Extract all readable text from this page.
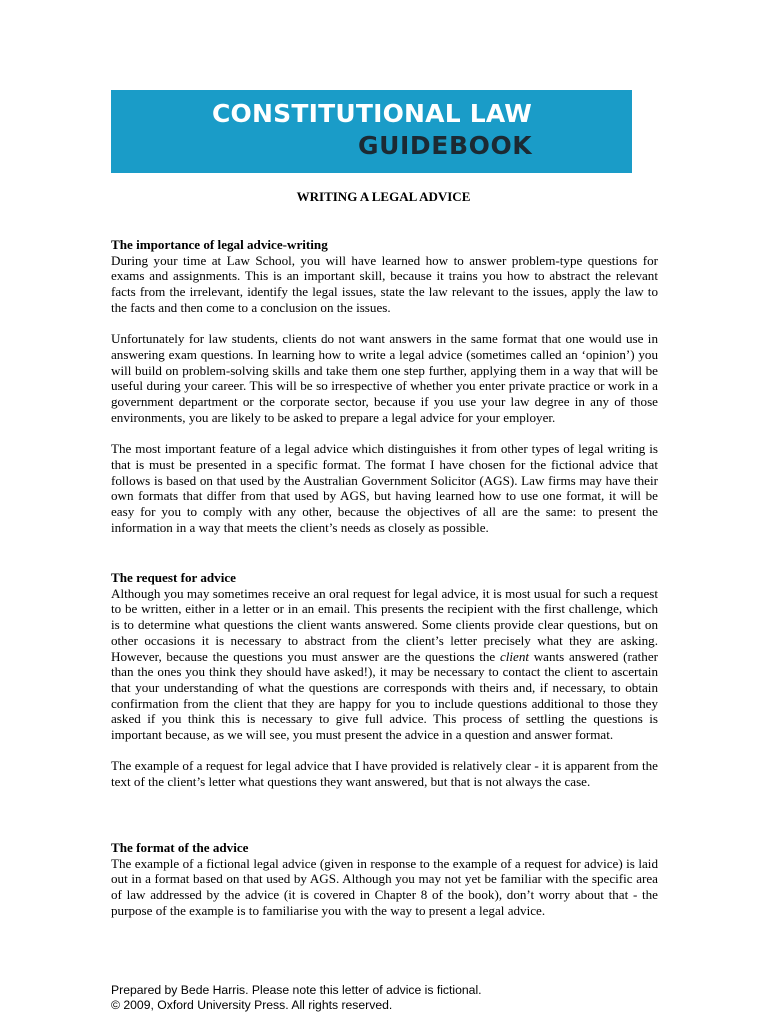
CONSTITUTIONAL LAW
GUIDEBOOK
WRITING A LEGAL ADVICE

The importance of legal advice-writing

During your time at Law School, you will have learned how to answer problem-type questions for exams and assignments. This is an important skill, because it trains you how to abstract the relevant facts from the irrelevant, identify the legal issues, state the law relevant to the issues, apply the law to the facts and then come to a conclusion on the issues.

Unfortunately for law students, clients do not want answers in the same format that one would use in answering exam questions. In learning how to write a legal advice (sometimes called an ‘opinion’) you will build on problem-solving skills and take them one step further, applying them in a way that will be useful during your career. This will be so irrespective of whether you enter private practice or work in a government department or the corporate sector, because if you use your law degree in any of those environments, you are likely to be asked to prepare a legal advice for your employer.

The most important feature of a legal advice which distinguishes it from other types of legal writing is that is must be presented in a specific format. The format I have chosen for the fictional advice that follows is based on that used by the Australian Government Solicitor (AGS). Law firms may have their own formats that differ from that used by AGS, but having learned how to use one format, it will be easy for you to comply with any other, because the objectives of all are the same: to present the information in a way that meets the client’s needs as closely as possible.

The request for advice

Although you may sometimes receive an oral request for legal advice, it is most usual for such a request to be written, either in a letter or in an email. This presents the recipient with the first challenge, which is to determine what questions the client wants answered. Some clients provide clear questions, but on other occasions it is necessary to abstract from the client’s letter precisely what they are asking. However, because the questions you must answer are the questions the client wants answered (rather than the ones you think they should have asked!), it may be necessary to contact the client to ascertain that your understanding of what the questions are corresponds with theirs and, if necessary, to obtain confirmation from the client that they are happy for you to include questions additional to those they asked if you think this is necessary to give full advice. This process of settling the questions is important because, as we will see, you must present the advice in a question and answer format.

The example of a request for legal advice that I have provided is relatively clear - it is apparent from the text of the client’s letter what questions they want answered, but that is not always the case.

The format of the advice

The example of a fictional legal advice (given in response to the example of a request for advice) is laid out in a format based on that used by AGS. Although you may not yet be familiar with the specific area of law addressed by the advice (it is covered in Chapter 8 of the book), don’t worry about that - the purpose of the example is to familiarise you with the way to present a legal advice.

Prepared by Bede Harris. Please note this letter of advice is fictional.
© 2009, Oxford University Press. All rights reserved.
